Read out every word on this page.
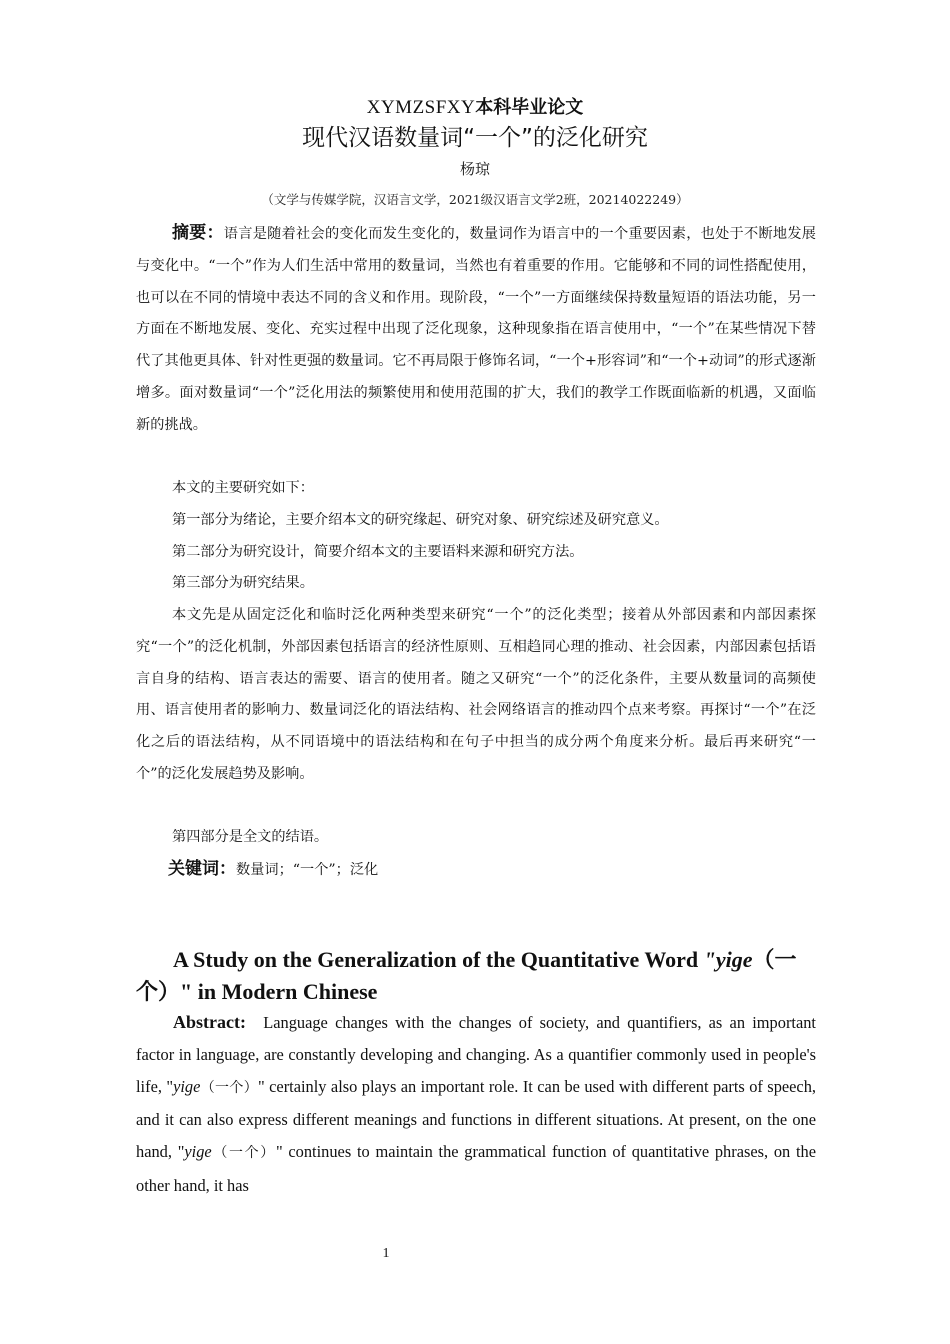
XYMZSFXY本科毕业论文
现代汉语数量词“一个”的泛化研究
杨琼
（文学与传媒学院，汉语言文学，2021级汉语言文学2班，20214022249）

摘要：语言是随着社会的变化而发生变化的，数量词作为语言中的一个重要因素，也处于不断地发展与变化中。“一个”作为人们生活中常用的数量词，当然也有着重要的作用。它能够和不同的词性搭配使用，也可以在不同的情境中表达不同的含义和作用。现阶段，“一个”一方面继续保持数量短语的语法功能，另一方面在不断地发展、变化、充实过程中出现了泛化现象，这种现象指在语言使用中，“一个”在某些情况下替代了其他更具体、针对性更强的数量词。它不再局限于修饰名词，“一个+形容词”和“一个+动词”的形式逐渐增多。面对数量词“一个”泛化用法的频繁使用和使用范围的扩大，我们的教学工作既面临新的机遇，又面临新的挑战。

本文的主要研究如下：

第一部分为绪论，主要介绍本文的研究缘起、研究对象、研究综述及研究意义。

第二部分为研究设计，简要介绍本文的主要语料来源和研究方法。

第三部分为研究结果。

本文先是从固定泛化和临时泛化两种类型来研究“一个”的泛化类型；接着从外部因素和内部因素探究“一个”的泛化机制，外部因素包括语言的经济性原则、互相趋同心理的推动、社会因素，内部因素包括语言自身的结构、语言表达的需要、语言的使用者。随之又研究“一个”的泛化条件，主要从数量词的高频使用、语言使用者的影响力、数量词泛化的语法结构、社会网络语言的推动四个点来考察。再探讨“一个”在泛化之后的语法结构，从不同语境中的语法结构和在句子中担当的成分两个角度来分析。最后再来研究“一个”的泛化发展趋势及影响。

第四部分是全文的结语。

关键词：数量词；“一个”；泛化

A Study on the Generalization of the Quantitative Word "yige（一个）" in Modern Chinese

Abstract: Language changes with the changes of society, and quantifiers, as an important factor in language, are constantly developing and changing. As a quantifier commonly used in people's life, "yige（一个）" certainly also plays an important role. It can be used with different parts of speech, and it can also express different meanings and functions in different situations. At present, on the one hand, "yige（一个）" continues to maintain the grammatical function of quantitative phrases, on the other hand, it has

1
